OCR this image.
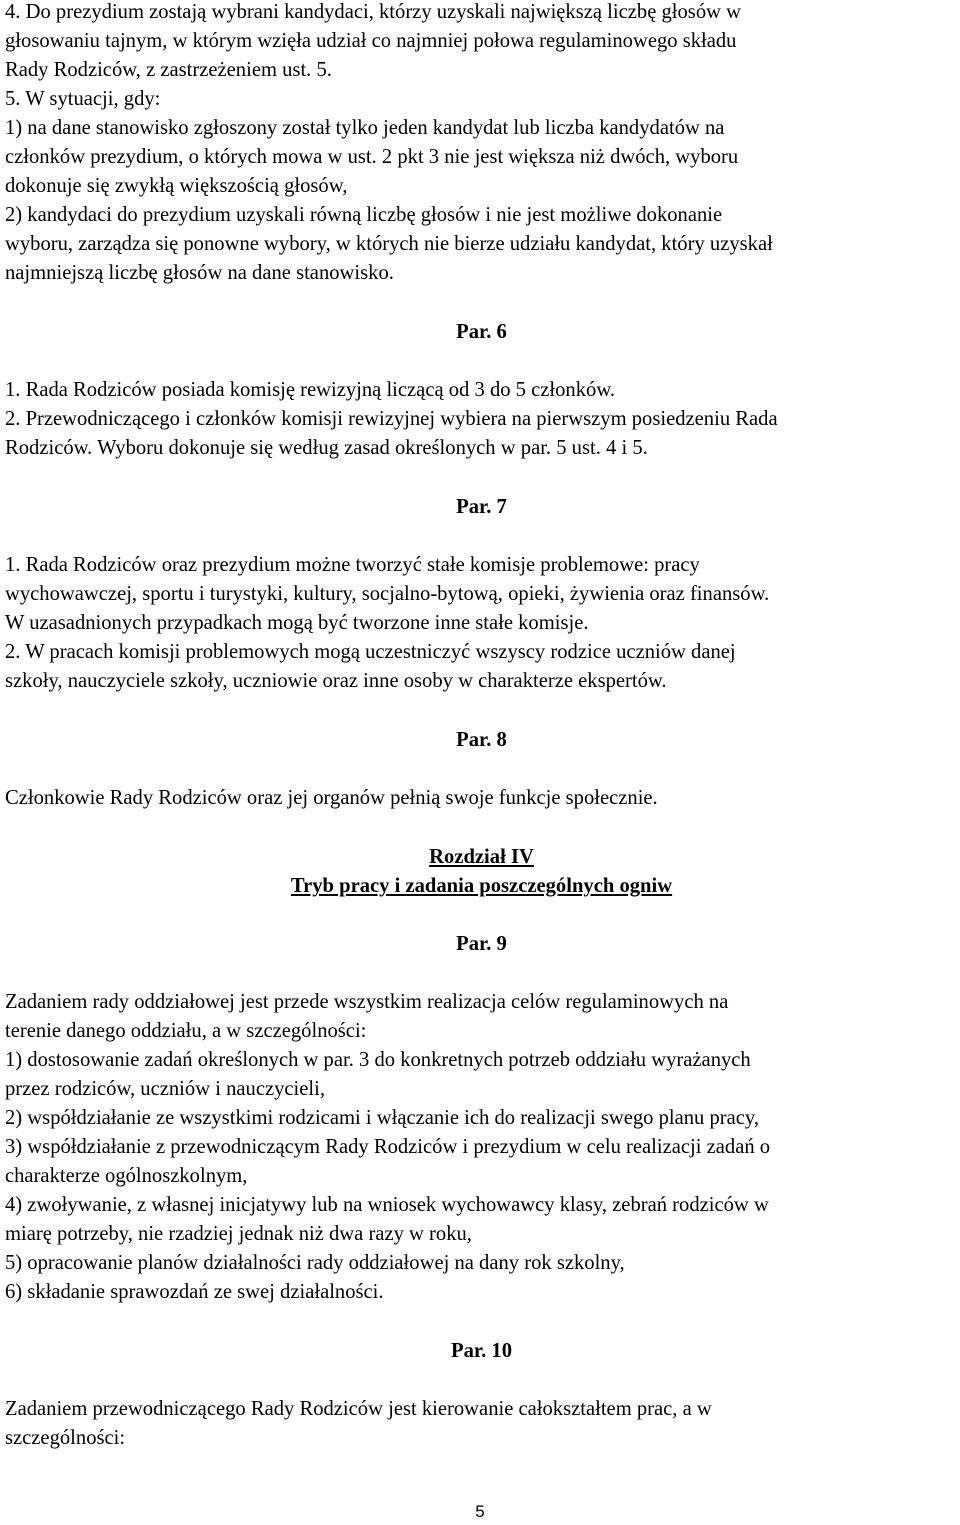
4. Do prezydium zostają wybrani kandydaci, którzy uzyskali największą liczbę głosów w
głosowaniu tajnym, w którym wzięła udział co najmniej połowa regulaminowego składu
Rady Rodziców, z zastrzeżeniem ust. 5.
5. W sytuacji, gdy:
1) na dane stanowisko zgłoszony został tylko jeden kandydat lub liczba kandydatów na
członków prezydium, o których mowa w ust. 2 pkt 3 nie jest większa niż dwóch, wyboru
dokonuje się zwykłą większością głosów,
2) kandydaci do prezydium uzyskali równą liczbę głosów i nie jest możliwe dokonanie
wyboru, zarządza się ponowne wybory, w których nie bierze udziału kandydat, który uzyskał
najmniejszą liczbę głosów na dane stanowisko.
Par. 6
1. Rada Rodziców posiada komisję rewizyjną liczącą od 3 do 5 członków.
2. Przewodniczącego i członków komisji rewizyjnej wybiera na pierwszym posiedzeniu Rada
Rodziców. Wyboru dokonuje się według zasad określonych w par. 5 ust. 4 i 5.
Par. 7
1. Rada Rodziców oraz prezydium możne tworzyć stałe komisje problemowe: pracy
wychowawczej, sportu i turystyki, kultury, socjalno-bytową, opieki, żywienia oraz finansów.
W uzasadnionych przypadkach mogą być tworzone inne stałe komisje.
2. W pracach komisji problemowych mogą uczestniczyć wszyscy rodzice uczniów danej
szkoły, nauczyciele szkoły, uczniowie oraz inne osoby w charakterze ekspertów.
Par. 8
Członkowie Rady Rodziców oraz jej organów pełnią swoje funkcje społecznie.
Rozdział IV
Tryb pracy i zadania poszczególnych ogniw
Par. 9
Zadaniem rady oddziałowej jest przede wszystkim realizacja celów regulaminowych na
terenie danego oddziału, a w szczególności:
1) dostosowanie zadań określonych w par. 3 do konkretnych potrzeb oddziału wyrażanych
przez rodziców, uczniów i nauczycieli,
2) współdziałanie ze wszystkimi rodzicami i włączanie ich do realizacji swego planu pracy,
3) współdziałanie z przewodniczącym Rady Rodziców i prezydium w celu realizacji zadań o
charakterze ogólnoszkolnym,
4) zwoływanie, z własnej inicjatywy lub na wniosek wychowawcy klasy, zebrań rodziców w
miarę potrzeby, nie rzadziej jednak niż dwa razy w roku,
5) opracowanie planów działalności rady oddziałowej na dany rok szkolny,
6) składanie sprawozdań ze swej działalności.
Par. 10
Zadaniem przewodniczącego Rady Rodziców jest kierowanie całokształtem prac, a w
szczególności:
5
